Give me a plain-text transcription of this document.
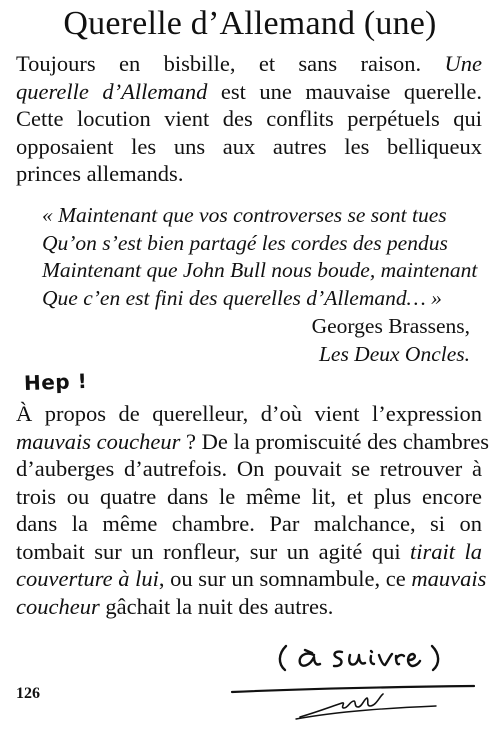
Querelle d’Allemand (une)
Toujours en bisbille, et sans raison. Une
querelle d’Allemand est une mauvaise querelle.
Cette locution vient des conflits perpétuels qui
opposaient les uns aux autres les belliqueux
princes allemands.
« Maintenant que vos controverses se sont tues
Qu’on s’est bien partagé les cordes des pendus
Maintenant que John Bull nous boude, maintenant
Que c’en est fini des querelles d’Allemand… »
Georges Brassens,
Les Deux Oncles.
Hep !
À propos de querelleur, d’où vient l’expression
mauvais coucheur ? De la promiscuité des chambres
d’auberges d’autrefois. On pouvait se retrouver à
trois ou quatre dans le même lit, et plus encore
dans la même chambre. Par malchance, si on
tombait sur un ronfleur, sur un agité qui tirait la
couverture à lui, ou sur un somnambule, ce mauvais
coucheur gâchait la nuit des autres.
126
